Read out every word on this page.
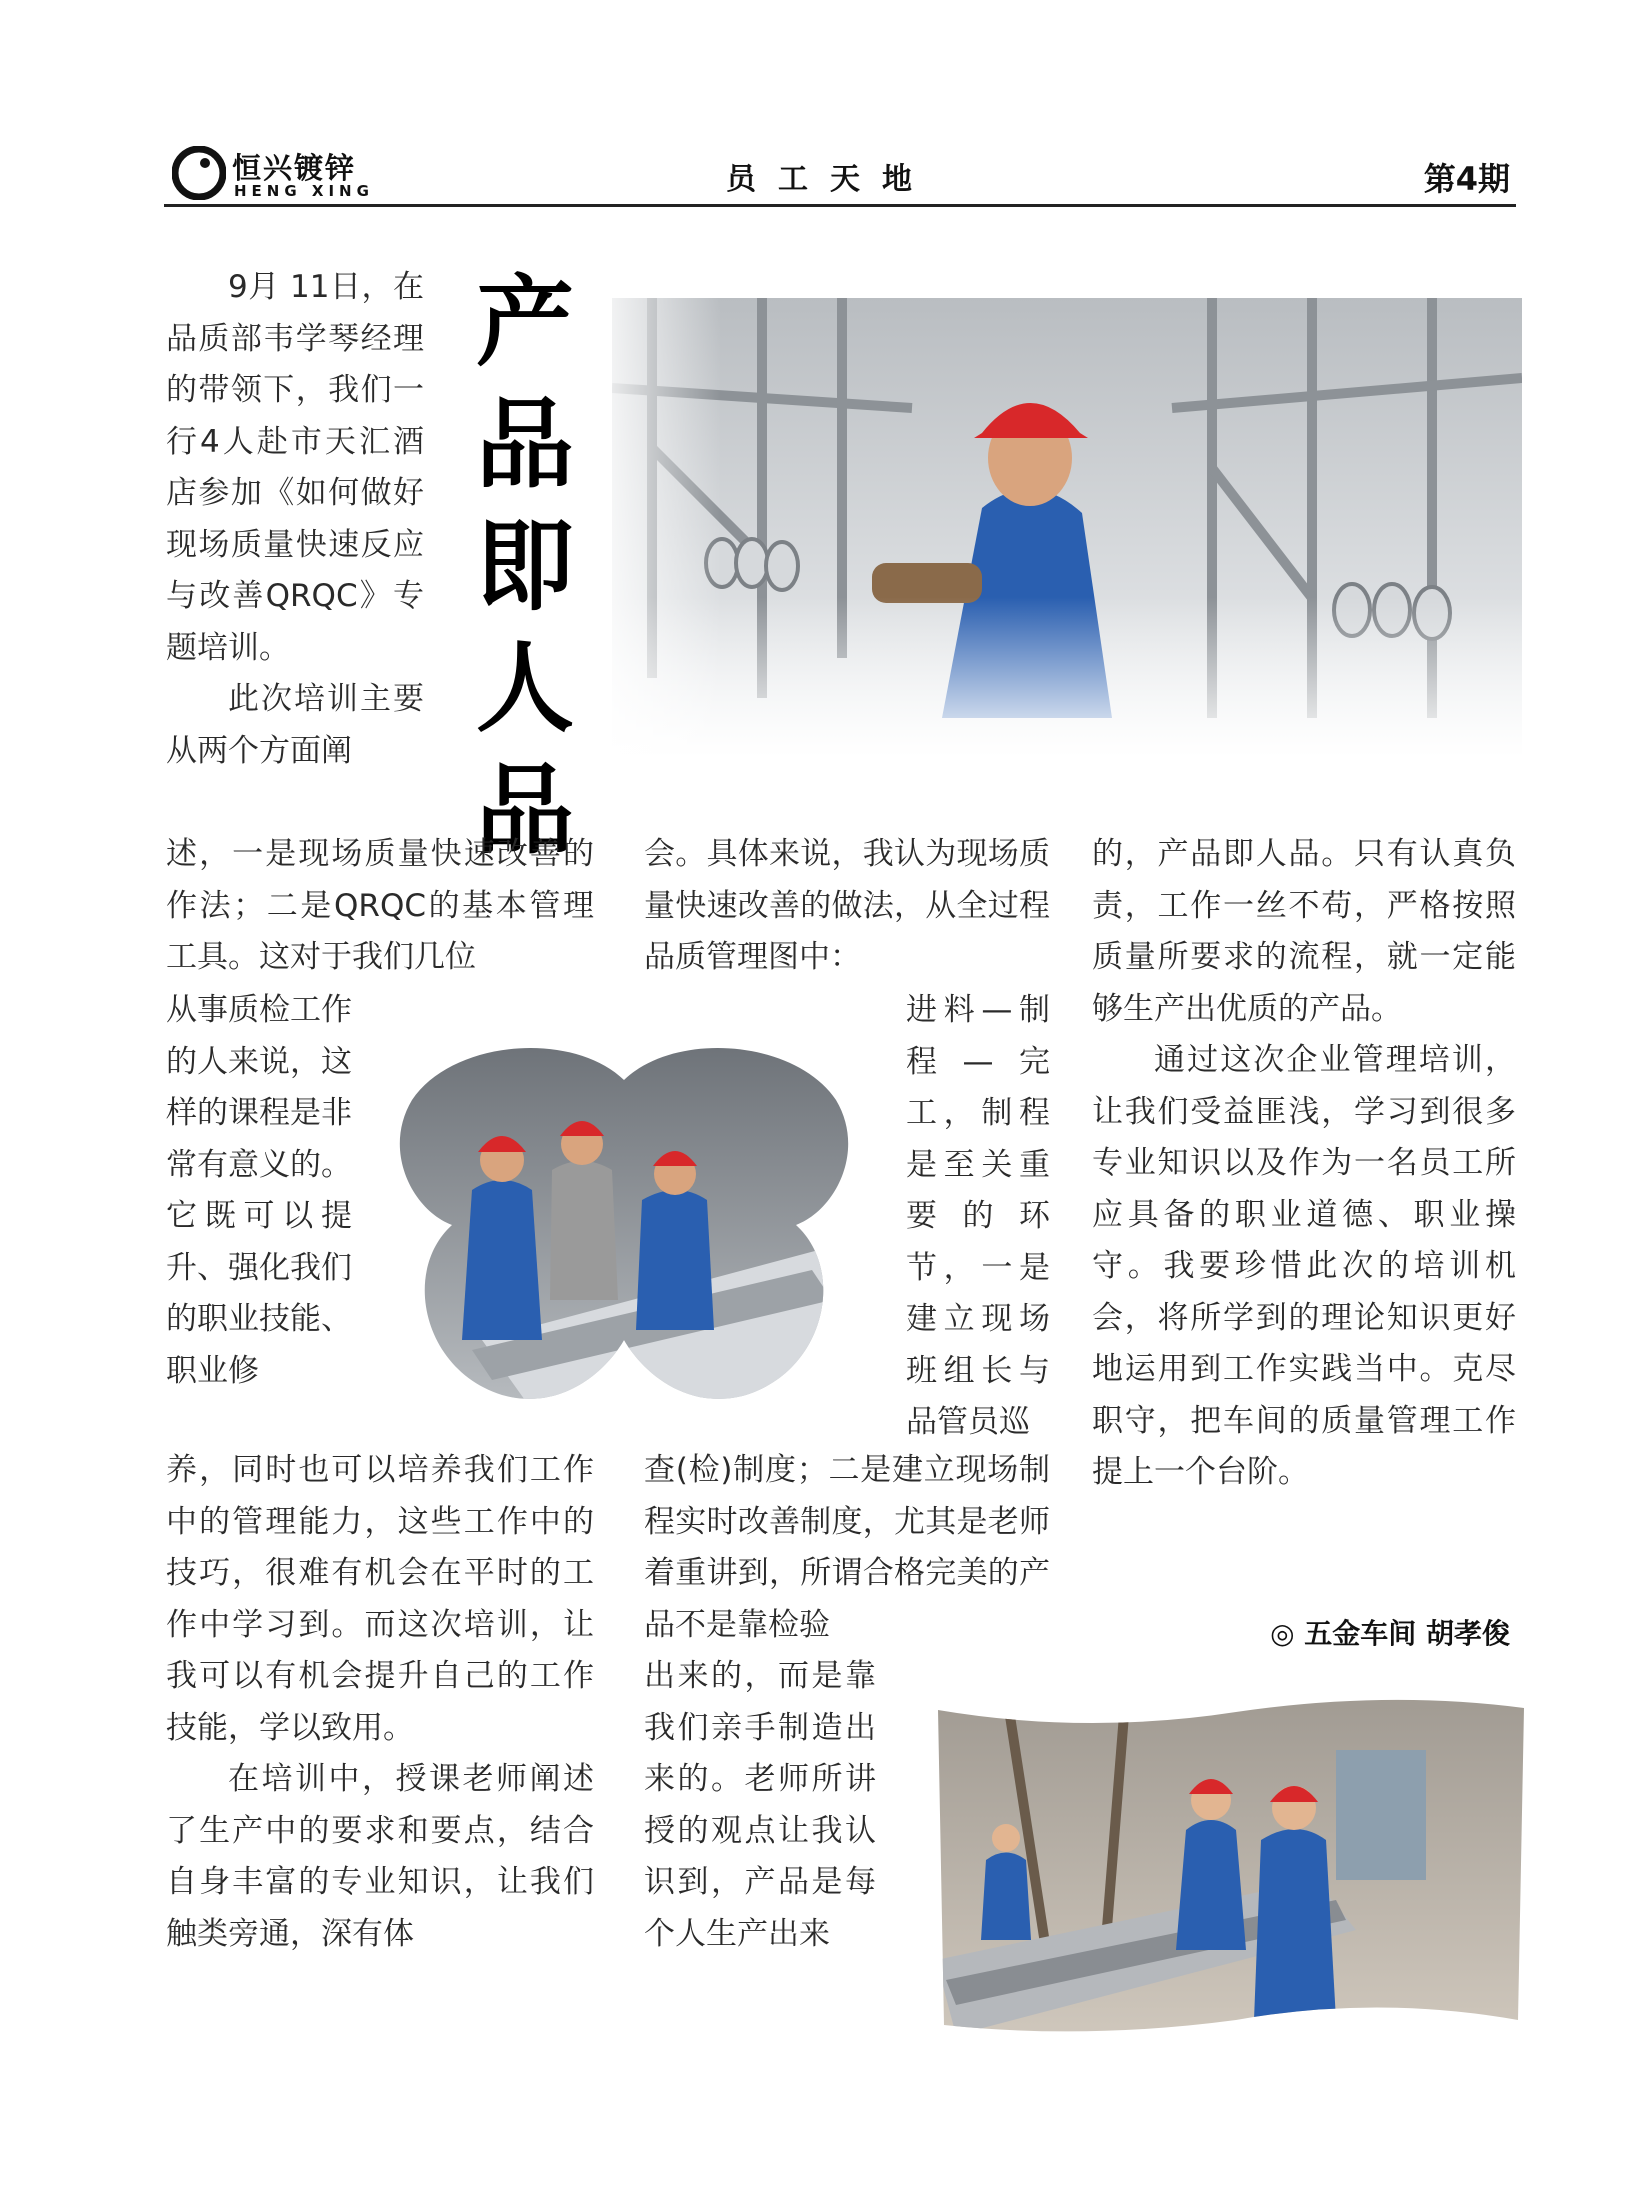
恒兴镀锌
HENG XING	员工天地	第4期
产
品
即
人
品

9月 11日，在品质部韦学琴经理的带领下，我们一行4人赴市天汇酒店参加《如何做好现场质量快速反应与改善QRQC》专题培训。

此次培训主要从两个方面阐

述，一是现场质量快速改善的作法；二是QRQC的基本管理工具。这对于我们几位
从事质检工作的人来说，这样的课程是非常有意义的。它既可以提升、强化我们的职业技能、职业修

养，同时也可以培养我们工作中的管理能力，这些工作中的技巧，很难有机会在平时的工作中学习到。而这次培训，让我可以有机会提升自己的工作技能，学以致用。

在培训中，授课老师阐述了生产中的要求和要点，结合自身丰富的专业知识，让我们触类旁通，深有体

会。具体来说，我认为现场质量快速改善的做法，从全过程品质管理图中：
进料—制程—完工，制程是至关重要的环节，一是建立现场班组长与品管员巡
查(检)制度；二是建立现场制程实时改善制度，尤其是老师着重讲到，所谓合格完美的产品不是靠检验
出来的，而是靠我们亲手制造出来的。老师所讲授的观点让我认识到，产品是每个人生产出来

的，产品即人品。只有认真负责，工作一丝不苟，严格按照质量所要求的流程，就一定能够生产出优质的产品。

通过这次企业管理培训，让我们受益匪浅，学习到很多专业知识以及作为一名员工所应具备的职业道德、职业操守。我要珍惜此次的培训机会，将所学到的理论知识更好地运用到工作实践当中。克尽职守，把车间的质量管理工作提上一个台阶。

◎ 五金车间 胡孝俊
